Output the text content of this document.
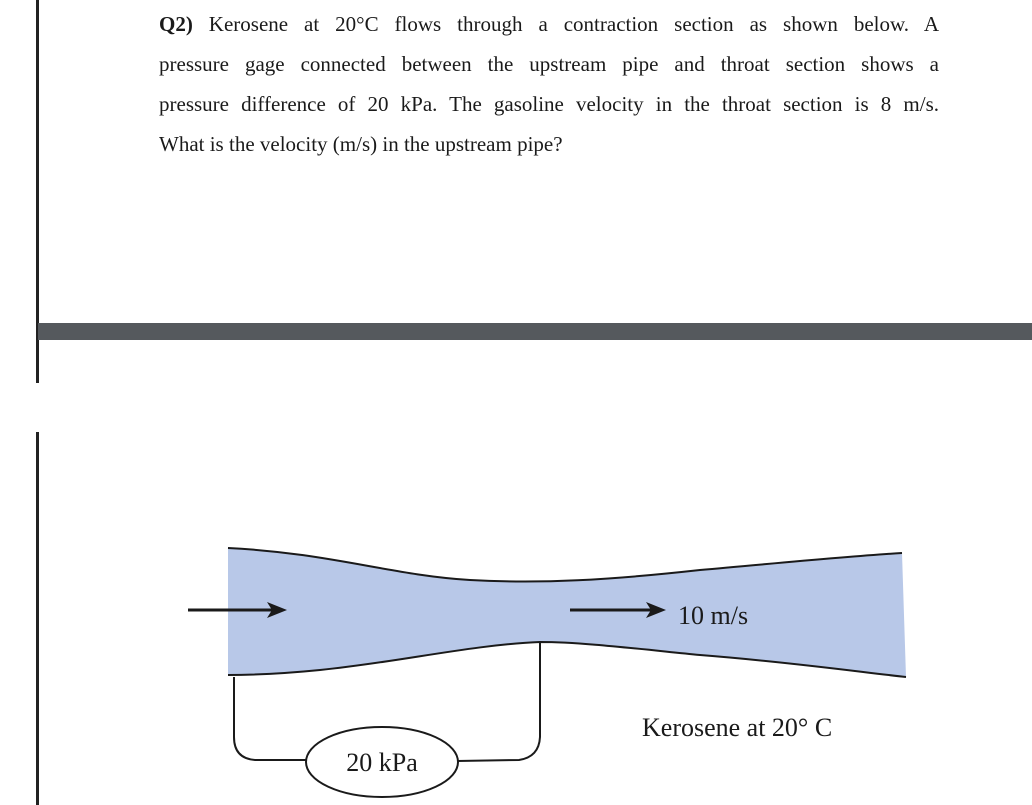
Q2) Kerosene at 20°C flows through a contraction section as shown below. A
pressure gage connected between the upstream pipe and throat section shows a
pressure difference of 20 kPa. The gasoline velocity in the throat section is 8 m/s.
What is the velocity (m/s) in the upstream pipe?
10 m/s
Kerosene at 20° C
20 kPa
